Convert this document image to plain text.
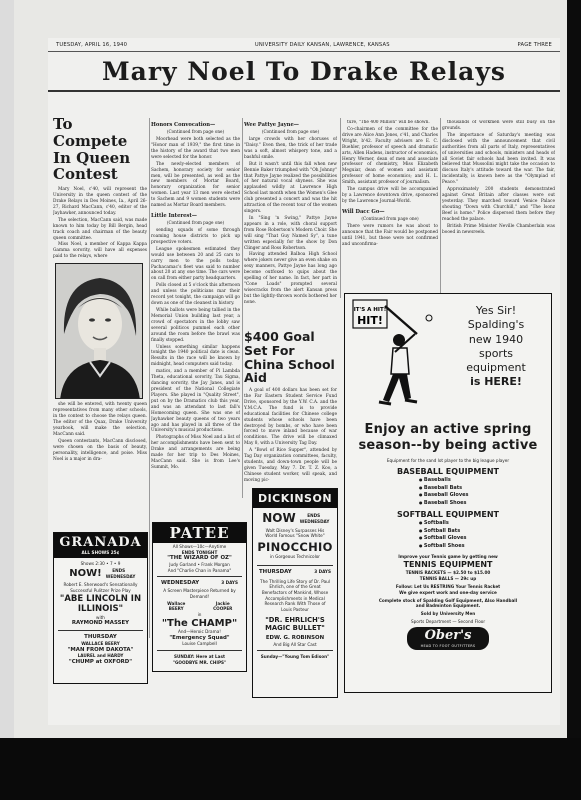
TUESDAY, APRIL 16, 1940	UNIVERSITY DAILY KANSAN, LAWRENCE, KANSAS	PAGE THREE
Mary Noel To Drake Relays
To Compete In Queen Contest

Mary Noel, c'40, will represent the University in the queen contest of the Drake Relays in Des Moines, Ia., April 26-27, Richard MacCann, c'40, editor of the Jayhawker, announced today.

The selection, MacCann said, was made known to him today by Bill Bergin, head track coach and chairman of the beauty queen committee.

Miss Noel, a member of Kappa Kappa Gamma sorority, will have all expenses paid to the relays, where

she will be entered, with twenty queen representatives from many other schools, in the contest to choose the relays queen. The editor of the Quax, Drake University yearbook, will make the selection, MacCann said.

Queen contestants, MacCann disclosed, were chosen on the basis of beauty, personality, intelligence, and poise. Miss Noel is a major in dra-

Honors Convocation—
(Continued from page one)

Moorhead were both selected as the "Honor man of 1939," the first time in the history of the award that two men were selected for the honor.

The newly-elected members of Sachem, honorary society for senior men, will be presented, as well as the new members of Mortar Board, honorary organization for senior women. Last year 13 men were elected to Sachem and 9 women students were named as Mortar Board members.

Little Interest—
(Continued from page one)

sending squads of some through roaming house districts to pick up prospective voters.

League spokesmen estimated they would use between 20 and 25 cars to carry men to the polls today. Pachacamac's fleet was said to number about 20 at any one time. The cars were on call from either party headquarters.

Polls closed at 5 o'clock this afternoon and unless the politicians mar their record yet tonight, the campaign will go down as one of the cleanest in history.

While ballots were being tallied in the Memorial Union building last year, a crowd of spectators in the lobby saw several politicos pummel each other around the room before the brawl was finally stopped.

Unless something similar happens tonight the 1940 political date is clean. Results in the race will be known by midnight, head computers said today.

matics, and a member of Pi Lambda Theta, educational sorority, Tau Sigma, dancing sorority, the Jay Janes, and is president of the National Collegiate Players. She played in "Quality Street", put on by the Dramatics club this year, and was an attendant to last fall's Homecoming queen. She was one of Jayhawker beauty queens of two years ago and has played in all three of the University's musical productions.

Photographs of Miss Noel and a list of her accomplishments have been sent to Drake and arrangements are being made for her trip to Des Moines, MacCann said. She is from Lee's Summit, Mo.

Wee Pattye Jayne—
(Continued from page one)

large crowds with her choruses of "Daisy." Even then, the trick of her trade was a soft, almost whispery tone, and a bashful smile.

But it wasn't until this fall when new Bennie Baker triumphed with "Oh Johnny" that Pattye Jayne realized the possibilities of her natural vocal shyness. She was applauded wildly at Lawrence High School last month when the Women's Glee club presented a concert and was the hit attraction of the recent tour of the women singers.

In "Sing 'n Swing," Pattye Jayne appears in a role, with choral support from Rose Robertson's Modern Choir. She will sing "That Guy Named Sy", a tune written especially for the show by Don Clinger and Ross Robertson.

Having attended Balboa High School where jokers never give an even shake on sexy manners, Pattye Jayne has long ago become outfoxed to quips about the spelling of her name. In fact, her part in "Cone Loads" prompted several wisecracks from the alert Kansan press but the lightly-thrown words bothered her none.

$400 Goal Set For China School Aid

A goal of 400 dollars has been set for the Far Eastern Student Service Fund Drive, sponsored by the Y.W. C.A. and the Y.M.C.A. The fund is to provide educational facilities for Chinese college students whose schools have been destroyed by bombs, or who have been forced to move inland because of war conditions. The drive will be climaxed May 8, with a University Tag Day.

A "Bowl of Rice Supper", attended by Tag Day organization committees, faculty, students, and down-town people will be given Tuesday, May 7. Dr. T. Z. Koo, a Chinese student worker, will speak, and moving pic-

ture, "The 400 Million" will be shown.

Co-chairmen of the committee for the drive are Alice Ann Jones, c'41, and Charles Wright, b'42. Faculty advisers are E. C. Buehler, professor of speech and dramatic arts, Allen Hadens, instructor of economics, Henry Werner, dean of men and associate professor of chemistry, Miss Elizabeth Meguiar, dean of women and assistant professor of home economics; and H. L. Smith, assistant professor of journalism.

The campus drive will be accompanied by a Lawrence downtown drive, sponsored by the Lawrence Journal-World.

Will Dacc Go—
(Continued from page one)

There were rumors he was about to announce that the Fair would be postponed until 1941, but these were not confirmed and unconfirma-

thousands of workmen were still busy on the grounds.

The importance of Saturday's meeting was disclosed with the announcement that civil authorities from all parts of Italy, representatives of universities and schools, ministers and heads of all Soviet fair schools had been invited. It was believed that Mussolini might take the occasion to discuss Italy's attitude toward the war. The fair, incidentally, is known here as the "Olympiad of Peace."

Approximately 200 students demonstrated against Great Britain after classes were out yesterday. They marched toward Venice Palace shouting "Down with Churchill," and "The Isonz Beef is home." Police dispersed them before they reached the palace.

British Prime Minister Neville Chamberlain was booed in newsreels.

GRANADA
ALL SHOWS 25¢
Shows 2:30 • 7 • 9
NOW!	ENDS WEDNESDAY
Robert E. Sherwood's Sensationally Successful Pulitzer Prize Play
"ABE LINCOLN IN ILLINOIS"
with
RAYMOND MASSEY
THURSDAY
WALLACE BEERY
"MAN FROM DAKOTA"
LAUREL and HARDY
"CHUMP at OXFORD"
PATEE
All Shows—10c—Anytime
ENDS TONIGHT
"THE WIZARD OF OZ"
Judy Garland • Frank Morgan
And "Charlie Chan in Panama"
WEDNESDAY	3 DAYS
A Screen Masterpiece Returned by Demand!
Wallace BEERY
Jackie COOPER
in
"The CHAMP"
And—Heroic Drama!
"Emergency Squad"
Louise Campbell
SUNDAY: Here at Last
"GOODBYE MR. CHIPS"
DICKINSON
NOW	ENDS WEDNESDAY
Walt Disney's Surpasses His World Famous "Snow White"
PINOCCHIO
in Gorgeous Technicolor
THURSDAY	3 DAYS
The Thrilling Life Story of Dr. Paul Ehrlich, one of the Great Benefactors of Mankind, Whose Accomplishments in Medical Research Rank With Those of Louis Pasteur
"DR. EHRLICH'S MAGIC BULLET"
EDW. G. ROBINSON
And Big All Star Cast
Sunday—"Young Tom Edison"
IT'S A HIT!
HIT!
Yes Sir!
Spalding's
new 1940
sports
equipment
is HERE!
Enjoy an active spring season--by being active
Equipment for the sand lot player to the big league player
BASEBALL EQUIPMENT
● Baseballs
● Baseball Bats
● Baseball Gloves
● Baseball Shoes
SOFTBALL EQUIPMENT
● Softballs
● Softball Bats
● Softball Gloves
● Softball Shoes
Improve your Tennis game by getting new
TENNIS EQUIPMENT
TENNIS RACKETS — $2.50 to $15.00
TENNIS BALLS — 29c up
Follow: Let Us RESTRING Your Tennis Racket
We give expert work and one-day service
Complete stock of Spalding Golf Equipment, Also Handball and Badminton Equipment.
Sold by University Men
Sports Department — Second Floor
Ober's
HEAD TO FOOT OUTFITTERS
